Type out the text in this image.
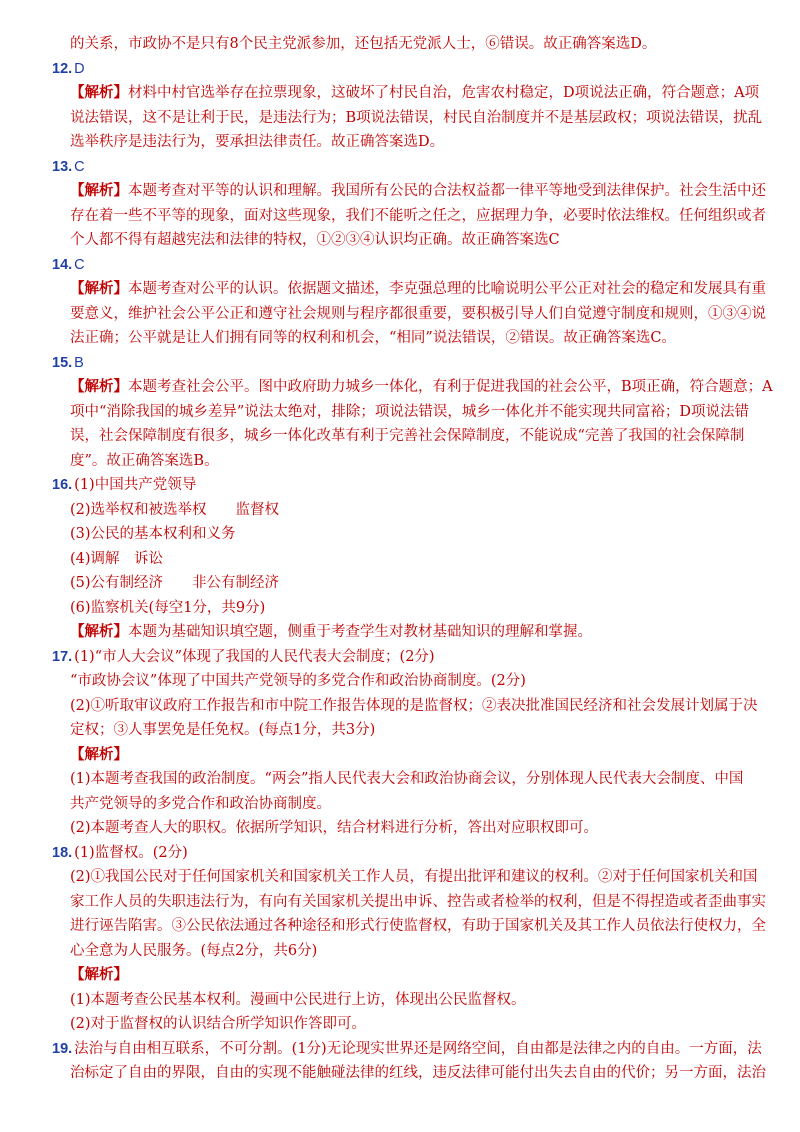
的关系，市政协不是只有8个民主党派参加，还包括无党派人士，⑥错误。故正确答案选D。
12. D
【解析】材料中村官选举存在拉票现象，这破坏了村民自治，危害农村稳定，D项说法正确，符合题意；A项
说法错误，这不是让利于民，是违法行为；B项说法错误，村民自治制度并不是基层政权；项说法错误，扰乱
选举秩序是违法行为，要承担法律责任。故正确答案选D。
13. C
【解析】本题考查对平等的认识和理解。我国所有公民的合法权益都一律平等地受到法律保护。社会生活中还
存在着一些不平等的现象，面对这些现象，我们不能听之任之，应据理力争，必要时依法维权。任何组织或者
个人都不得有超越宪法和法律的特权，①②③④认识均正确。故正确答案选C
14. C
【解析】本题考查对公平的认识。依据题文描述，李克强总理的比喻说明公平公正对社会的稳定和发展具有重
要意义，维护社会公平公正和遵守社会规则与程序都很重要，要积极引导人们自觉遵守制度和规则，①③④说
法正确；公平就是让人们拥有同等的权利和机会，“相同”说法错误，②错误。故正确答案选C。
15. B
【解析】本题考查社会公平。图中政府助力城乡一体化，有利于促进我国的社会公平，B项正确，符合题意；A
项中“消除我国的城乡差异”说法太绝对，排除；项说法错误，城乡一体化并不能实现共同富裕；D项说法错
误，社会保障制度有很多，城乡一体化改革有利于完善社会保障制度，不能说成“完善了我国的社会保障制
度”。故正确答案选B。
16. (1)中国共产党领导
(2)选举权和被选举权　　监督权
(3)公民的基本权利和义务
(4)调解　诉讼
(5)公有制经济　　非公有制经济
(6)监察机关(每空1分，共9分)
【解析】本题为基础知识填空题，侧重于考查学生对教材基础知识的理解和掌握。
17. (1)“市人大会议”体现了我国的人民代表大会制度；(2分)
“市政协会议”体现了中国共产党领导的多党合作和政治协商制度。(2分)
(2)①听取审议政府工作报告和市中院工作报告体现的是监督权；②表决批准国民经济和社会发展计划属于决
定权；③人事罢免是任免权。(每点1分，共3分)
【解析】
(1)本题考查我国的政治制度。“两会”指人民代表大会和政治协商会议，分别体现人民代表大会制度、中国
共产党领导的多党合作和政治协商制度。
(2)本题考查人大的职权。依据所学知识，结合材料进行分析，答出对应职权即可。
18. (1)监督权。(2分)
(2)①我国公民对于任何国家机关和国家机关工作人员，有提出批评和建议的权利。②对于任何国家机关和国
家工作人员的失职违法行为，有向有关国家机关提出申诉、控告或者检举的权利，但是不得捏造或者歪曲事实
进行诬告陷害。③公民依法通过各种途径和形式行使监督权，有助于国家机关及其工作人员依法行使权力，全
心全意为人民服务。(每点2分，共6分)
【解析】
(1)本题考查公民基本权利。漫画中公民进行上访，体现出公民监督权。
(2)对于监督权的认识结合所学知识作答即可。
19. 法治与自由相互联系，不可分割。(1分)无论现实世界还是网络空间，自由都是法律之内的自由。一方面，法
治标定了自由的界限，自由的实现不能触碰法律的红线，违反法律可能付出失去自由的代价；另一方面，法治
